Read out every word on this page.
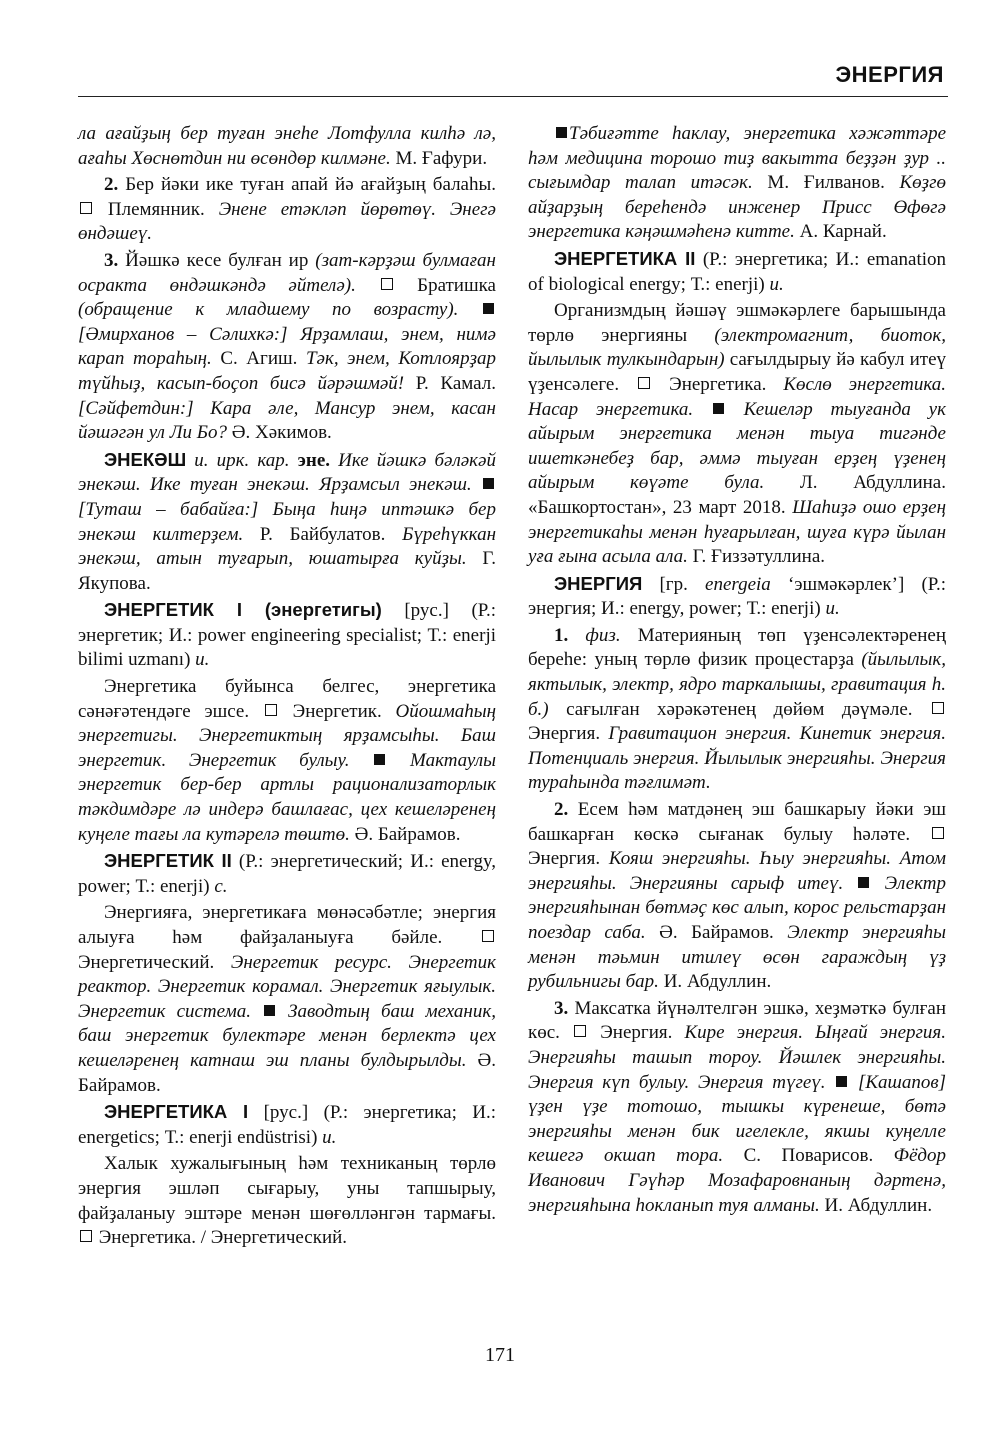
ЭНЕРГИЯ

ла ағайҙың бер туған энеһе Лотфулла килһә лә, ағаһы Хөснөтдин ни өсөндөр килмәне. М. Ғафури.

2. Бер йәки ике туған апай йә ағайҙың балаһы.  Племянник. Энене етәкләп йөрөтөү. Энегә өндәшеү.

3. Йәшкә кесе булған ир (зат-кәрҙәш булмаған осракта өндәшкәндә әйтелә).  Братишка (обращение к младшему по возрасту).  [Әмирханов – Сәлихкә:] Ярҙамлаш, энем, нимә карап тораһың. С. Агиш. Тәк, энем, Котлоярҙар түйһыҙ, касып-боҫоп бисә йәрәшмәй! Р. Камал. [Сәйфетдин:] Кара әле, Мансур энем, касан йәшәгән ул Ли Бо? Ә. Хәкимов.

ЭНЕКӘШ и. ирк. кар. эне. Ике йәшкә бәләкәй энекәш. Ике туған энекәш. Ярҙамсыл энекәш.  [Туташ – бабайға:] Быңа һиңә иптәшкә бер энекәш килтерҙем. Р. Байбулатов. Бүреһүккан энекәш, атын туғарып, юшатырға куйҙы. Г. Якупова.

ЭНЕРГЕТИК I (энергетигы) [рус.] (Р.: энергетик; И.: power engineering specialist; Т.: enerji bilimi uzmanı) и.

Энергетика буйынса белгес, энергетика сәнәғәтендәге эшсе.  Энергетик. Ойошмаһың энергетигы. Энергетиктың ярҙамсыһы. Баш энергетик. Энергетик булыу.  Мактаулы энергетик бер-бер артлы рационализаторлык тәкдимдәре лә индерә башлағас, цех кешеләренең куңеле тағы ла кутәрелә төштө. Ә. Байрамов.

ЭНЕРГЕТИК II (Р.: энергетический; И.: energy, power; Т.: enerji) с.

Энергияға, энергетикаға мөнәсәбәтле; энергия алыуға һәм файҙаланыуға бәйле.  Энергетический. Энергетик ресурс. Энергетик реактор. Энергетик корамал. Энергетик яғыулык. Энергетик система.  Заводтың баш механик, баш энергетик булектәре менән берлектә цех кешеләренең катнаш эш планы булдырылды. Ә. Байрамов.

ЭНЕРГЕТИКА I [рус.] (Р.: энергетика; И.: energetics; Т.: enerji endüstrisi) и.

Халык хужалығының һәм техниканың төрлө энергия эшләп сығарыу, уны тапшырыу, файҙаланыу эштәре менән шөғөлләнгән тармағы.  Энергетика. / Энергетический.

Тәбиғәтте һаклау, энергетика хәжәттәре һәм медицина торошо тиҙ вакытта беҙҙән ҙур .. сығымдар талап итәсәк. М. Ғилванов. Көҙгө айҙарҙың береһендә инженер Присс Өфөгә энергетика кәңәшмәһенә китте. А. Карнай.

ЭНЕРГЕТИКА II (Р.: энергетика; И.: emanation of biological energy; Т.: enerji) и.

Организмдың йәшәү эшмәкәрлеге барышында төрлө энергияны (электромагнит, биоток, йылылык тулкындарын) сағылдырыу йә кабул итеү үҙенсәлеге.  Энергетика. Көслө энергетика. Насар энергетика.  Кешеләр тыуғанда ук айырым энергетика менән тыуа тигәнде ишеткәнебеҙ бар, әммә тыуған ерҙең үҙенең айырым көүәте була. Л. Абдуллина. «Башкортостан», 23 март 2018. Шаһиҙә ошо ерҙең энергетикаһы менән һуғарылған, шуға күрә йылан уға ғына асыла ала. Г. Ғиззәтуллина.

ЭНЕРГИЯ [гр. energeia ‘эшмәкәрлек’] (Р.: энергия; И.: energy, power; Т.: enerji) и.

1. физ. Материяның төп үҙенсәлектәренең береһе: уның төрлө физик процестарҙа (йылылык, яктылык, электр, ядро таркалышы, гравитация һ. б.) сағылған хәрәкәтенең дөйөм дәүмәле.  Энергия. Гравитацион энергия. Кинетик энергия. Потенциаль энергия. Йылылык энергияһы. Энергия тураһында тәғлимәт.

2. Есем һәм матдәнең эш башкарыу йәки эш башкарған көскә сығанак булыу һәләте.  Энергия. Кояш энергияһы. Һыу энергияһы. Атом энергияһы. Энергияны сарыф итеү.  Электр энергияһынан бөтмәҫ көс алып, корос рельстарҙан поездар саба. Ә. Байрамов. Электр энергияһы менән тәьмин итилеү өсөн гараждың үҙ рубильнигы бар. И. Абдуллин.

3. Максатка йүнәлтелгән эшкә, хеҙмәткә булған көс.  Энергия. Кире энергия. Ыңғай энергия. Энергияһы ташып тороу. Йәшлек энергияһы. Энергия күп булыу. Энергия түгеү.  [Кашапов] үҙен үҙе тотошо, тышкы күренеше, бөтә энергияһы менән бик игелекле, якшы куңелле кешегә окшап тора. С. Поварисов. Фёдор Иванович Гәүһәр Мозафаровнаның дәртенә, энергияһына һокланып туя алманы. И. Абдуллин.

171
